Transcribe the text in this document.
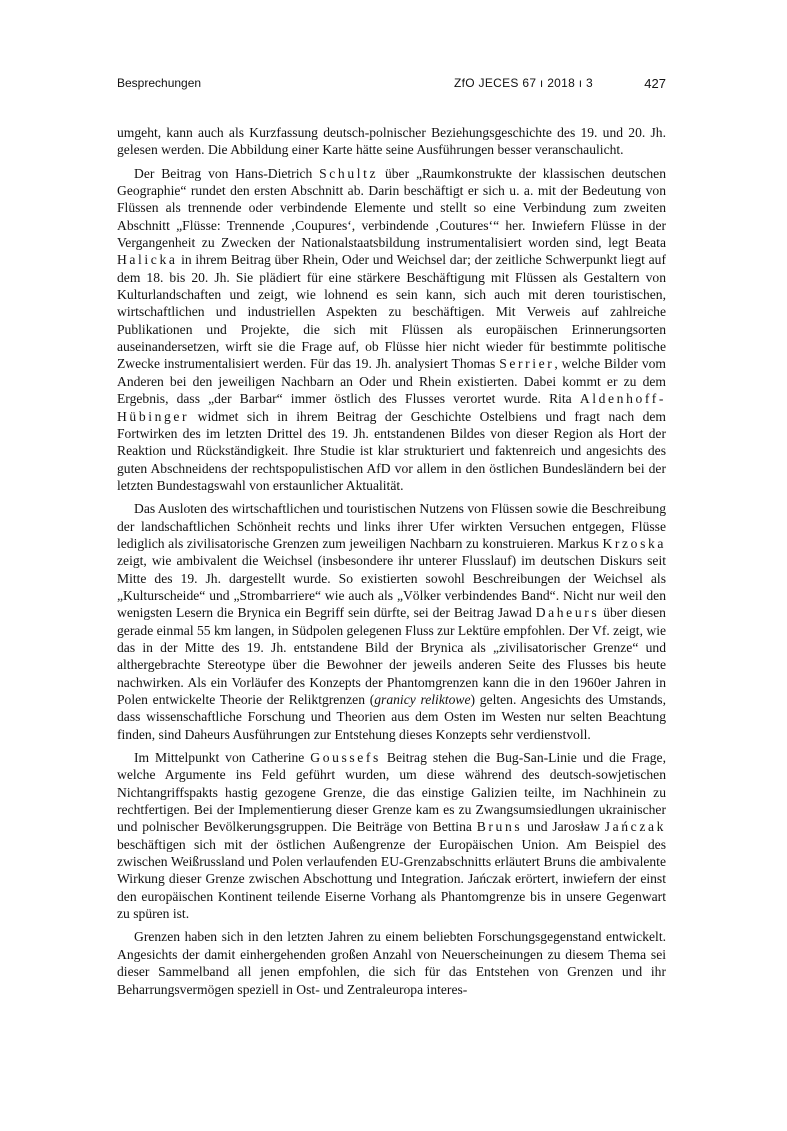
Besprechungen	ZfO JECES 67 ı 2018 ı 3	427

umgeht, kann auch als Kurzfassung deutsch-polnischer Beziehungsgeschichte des 19. und 20. Jh. gelesen werden. Die Abbildung einer Karte hätte seine Ausführungen besser veranschaulicht.

Der Beitrag von Hans-Dietrich Schultz über „Raumkonstrukte der klassischen deutschen Geographie“ rundet den ersten Abschnitt ab. Darin beschäftigt er sich u. a. mit der Bedeutung von Flüssen als trennende oder verbindende Elemente und stellt so eine Verbindung zum zweiten Abschnitt „Flüsse: Trennende ‚Coupures‘, verbindende ‚Coutures‘“ her. Inwiefern Flüsse in der Vergangenheit zu Zwecken der Nationalstaatsbildung instrumentalisiert worden sind, legt Beata Halicka in ihrem Beitrag über Rhein, Oder und Weichsel dar; der zeitliche Schwerpunkt liegt auf dem 18. bis 20. Jh. Sie plädiert für eine stärkere Beschäftigung mit Flüssen als Gestaltern von Kulturlandschaften und zeigt, wie lohnend es sein kann, sich auch mit deren touristischen, wirtschaftlichen und industriellen Aspekten zu beschäftigen. Mit Verweis auf zahlreiche Publikationen und Projekte, die sich mit Flüssen als europäischen Erinnerungsorten auseinandersetzen, wirft sie die Frage auf, ob Flüsse hier nicht wieder für bestimmte politische Zwecke instrumentalisiert werden. Für das 19. Jh. analysiert Thomas Serrier, welche Bilder vom Anderen bei den jeweiligen Nachbarn an Oder und Rhein existierten. Dabei kommt er zu dem Ergebnis, dass „der Barbar“ immer östlich des Flusses verortet wurde. Rita Aldenhoff-Hübinger widmet sich in ihrem Beitrag der Geschichte Ostelbiens und fragt nach dem Fortwirken des im letzten Drittel des 19. Jh. entstandenen Bildes von dieser Region als Hort der Reaktion und Rückständigkeit. Ihre Studie ist klar strukturiert und faktenreich und angesichts des guten Abschneidens der rechtspopulistischen AfD vor allem in den östlichen Bundesländern bei der letzten Bundestagswahl von erstaunlicher Aktualität.

Das Ausloten des wirtschaftlichen und touristischen Nutzens von Flüssen sowie die Beschreibung der landschaftlichen Schönheit rechts und links ihrer Ufer wirkten Versuchen entgegen, Flüsse lediglich als zivilisatorische Grenzen zum jeweiligen Nachbarn zu konstruieren. Markus Krzoska zeigt, wie ambivalent die Weichsel (insbesondere ihr unterer Flusslauf) im deutschen Diskurs seit Mitte des 19. Jh. dargestellt wurde. So existierten sowohl Beschreibungen der Weichsel als „Kulturscheide“ und „Strombarriere“ wie auch als „Völker verbindendes Band“. Nicht nur weil den wenigsten Lesern die Brynica ein Begriff sein dürfte, sei der Beitrag Jawad Daheurs über diesen gerade einmal 55 km langen, in Südpolen gelegenen Fluss zur Lektüre empfohlen. Der Vf. zeigt, wie das in der Mitte des 19. Jh. entstandene Bild der Brynica als „zivilisatorischer Grenze“ und althergebrachte Stereotype über die Bewohner der jeweils anderen Seite des Flusses bis heute nachwirken. Als ein Vorläufer des Konzepts der Phantomgrenzen kann die in den 1960er Jahren in Polen entwickelte Theorie der Reliktgrenzen (granicy reliktowe) gelten. Angesichts des Umstands, dass wissenschaftliche Forschung und Theorien aus dem Osten im Westen nur selten Beachtung finden, sind Daheurs Ausführungen zur Entstehung dieses Konzepts sehr verdienstvoll.

Im Mittelpunkt von Catherine Goussefs Beitrag stehen die Bug-San-Linie und die Frage, welche Argumente ins Feld geführt wurden, um diese während des deutsch-sowjetischen Nichtangriffspakts hastig gezogene Grenze, die das einstige Galizien teilte, im Nachhinein zu rechtfertigen. Bei der Implementierung dieser Grenze kam es zu Zwangsumsiedlungen ukrainischer und polnischer Bevölkerungsgruppen. Die Beiträge von Bettina Bruns und Jarosław Jańczak beschäftigen sich mit der östlichen Außengrenze der Europäischen Union. Am Beispiel des zwischen Weißrussland und Polen verlaufenden EU-Grenzabschnitts erläutert Bruns die ambivalente Wirkung dieser Grenze zwischen Abschottung und Integration. Jańczak erörtert, inwiefern der einst den europäischen Kontinent teilende Eiserne Vorhang als Phantomgrenze bis in unsere Gegenwart zu spüren ist.

Grenzen haben sich in den letzten Jahren zu einem beliebten Forschungsgegenstand entwickelt. Angesichts der damit einhergehenden großen Anzahl von Neuerscheinungen zu diesem Thema sei dieser Sammelband all jenen empfohlen, die sich für das Entstehen von Grenzen und ihr Beharrungsvermögen speziell in Ost- und Zentraleuropa interes-
